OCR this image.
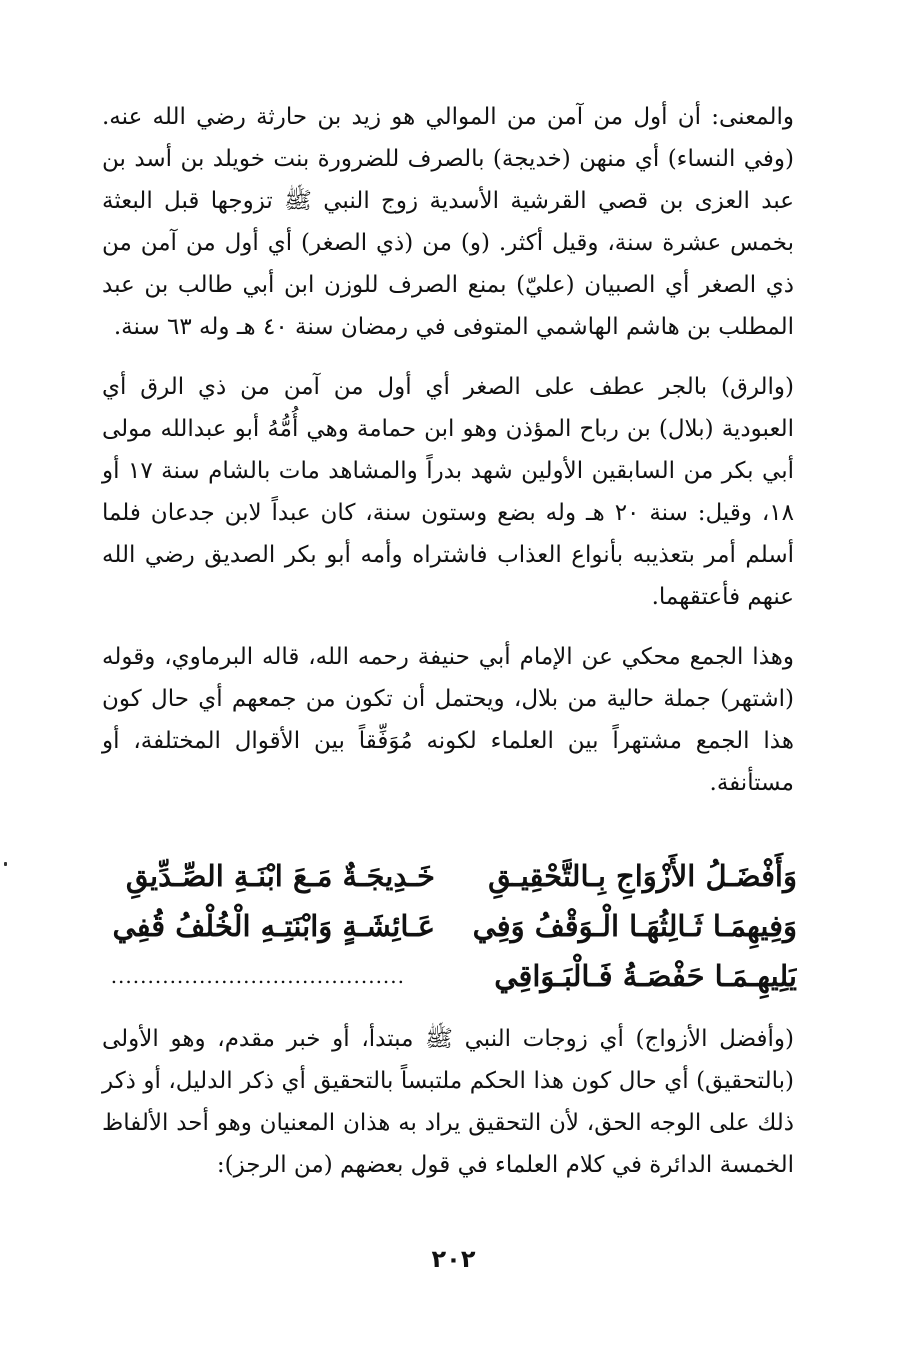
والمعنى: أن أول من آمن من الموالي هو زيد بن حارثة رضي الله عنه. (وفي النساء) أي منهن (خديجة) بالصرف للضرورة بنت خويلد بن أسد بن عبد العزى بن قصي القرشية الأسدية زوج النبي ﷺ تزوجها قبل البعثة بخمس عشرة سنة، وقيل أكثر. (و) من (ذي الصغر) أي أول من آمن من ذي الصغر أي الصبيان (عليّ) بمنع الصرف للوزن ابن أبي طالب بن عبد المطلب بن هاشم الهاشمي المتوفى في رمضان سنة ٤٠ هـ وله ٦٣ سنة.

(والرق) بالجر عطف على الصغر أي أول من آمن من ذي الرق أي العبودية (بلال) بن رباح المؤذن وهو ابن حمامة وهي أُمُّهُ أبو عبدالله مولى أبي بكر من السابقين الأولين شهد بدراً والمشاهد مات بالشام سنة ١٧ أو ١٨، وقيل: سنة ٢٠ هـ وله بضع وستون سنة، كان عبداً لابن جدعان فلما أسلم أمر بتعذيبه بأنواع العذاب فاشتراه وأمه أبو بكر الصديق رضي الله عنهم فأعتقهما.

وهذا الجمع محكي عن الإمام أبي حنيفة رحمه الله، قاله البرماوي، وقوله (اشتهر) جملة حالية من بلال، ويحتمل أن تكون من جمعهم أي حال كون هذا الجمع مشتهراً بين العلماء لكونه مُوَفِّقاً بين الأقوال المختلفة، أو مستأنفة.

وَأَفْضَـلُ الأَزْوَاجِ بِـالتَّحْقِيـقِ
خَـدِيجَـةٌ مَـعَ ابْنَـةِ الصِّـدِّيقِ
وَفِيهِمَـا ثَـالِثُهَـا الْـوَقْفُ وَفِي
عَـائِشَـةٍ وَابْنَتِـهِ الْخُلْفُ قُفِي
يَلِيهِـمَـا حَفْصَـةُ فَـالْبَـوَاقِي
........................................

(وأفضل الأزواج) أي زوجات النبي ﷺ مبتدأ، أو خبر مقدم، وهو الأولى (بالتحقيق) أي حال كون هذا الحكم ملتبساً بالتحقيق أي ذكر الدليل، أو ذكر ذلك على الوجه الحق، لأن التحقيق يراد به هذان المعنيان وهو أحد الألفاظ الخمسة الدائرة في كلام العلماء في قول بعضهم (من الرجز):

٢٠٢
